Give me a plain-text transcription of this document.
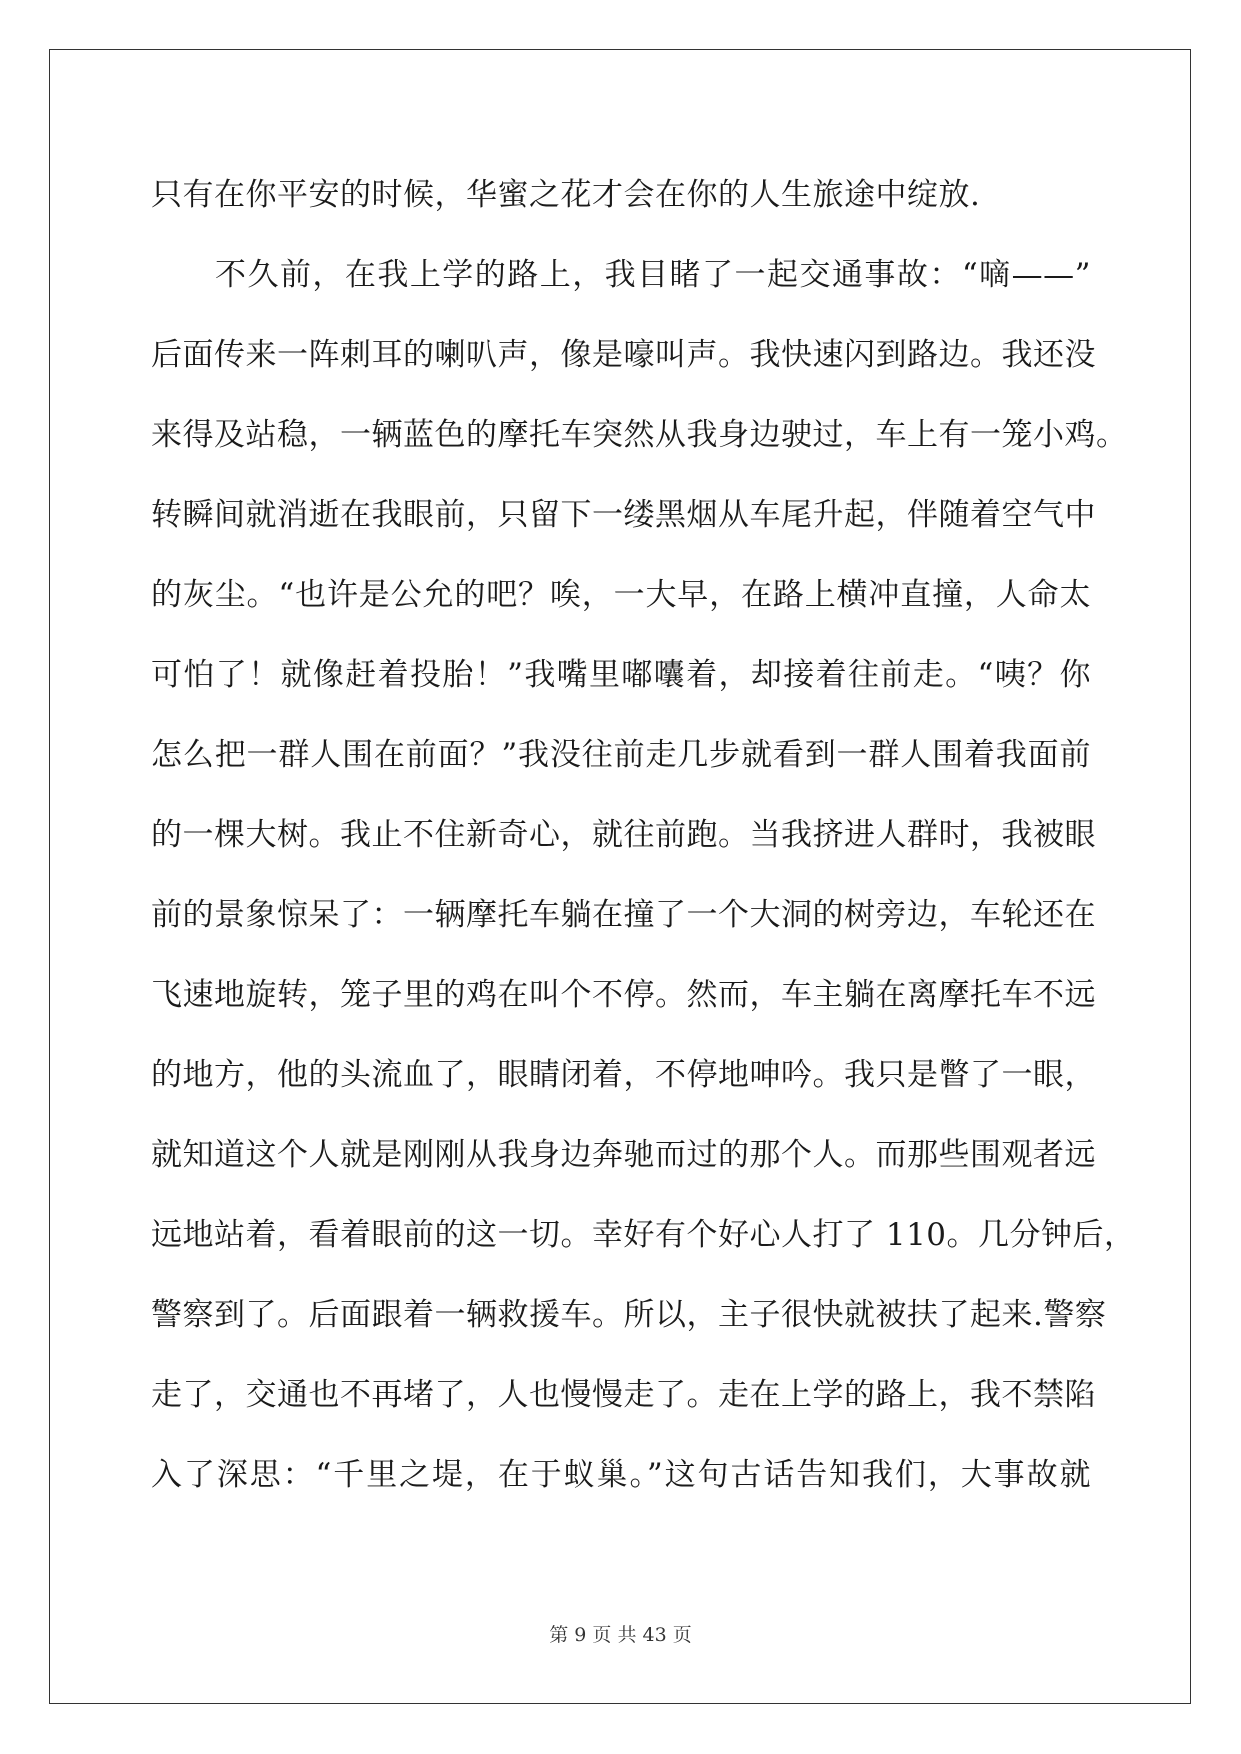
只有在你平安的时候，华蜜之花才会在你的人生旅途中绽放.
不久前，在我上学的路上，我目睹了一起交通事故：“嘀——”
后面传来一阵刺耳的喇叭声，像是嚎叫声。我快速闪到路边。我还没
来得及站稳，一辆蓝色的摩托车突然从我身边驶过，车上有一笼小鸡。
转瞬间就消逝在我眼前，只留下一缕黑烟从车尾升起，伴随着空气中
的灰尘。“也许是公允的吧？唉，一大早，在路上横冲直撞，人命太
可怕了！就像赶着投胎！”我嘴里嘟囔着，却接着往前走。“咦？你
怎么把一群人围在前面？”我没往前走几步就看到一群人围着我面前
的一棵大树。我止不住新奇心，就往前跑。当我挤进人群时，我被眼
前的景象惊呆了：一辆摩托车躺在撞了一个大洞的树旁边，车轮还在
飞速地旋转，笼子里的鸡在叫个不停。然而，车主躺在离摩托车不远
的地方，他的头流血了，眼睛闭着，不停地呻吟。我只是瞥了一眼，
就知道这个人就是刚刚从我身边奔驰而过的那个人。而那些围观者远
远地站着，看着眼前的这一切。幸好有个好心人打了 110。几分钟后，
警察到了。后面跟着一辆救援车。所以，主子很快就被扶了起来.警察
走了，交通也不再堵了，人也慢慢走了。走在上学的路上，我不禁陷
入了深思：“千里之堤，在于蚁巢。”这句古话告知我们，大事故就
第 9 页 共 43 页
